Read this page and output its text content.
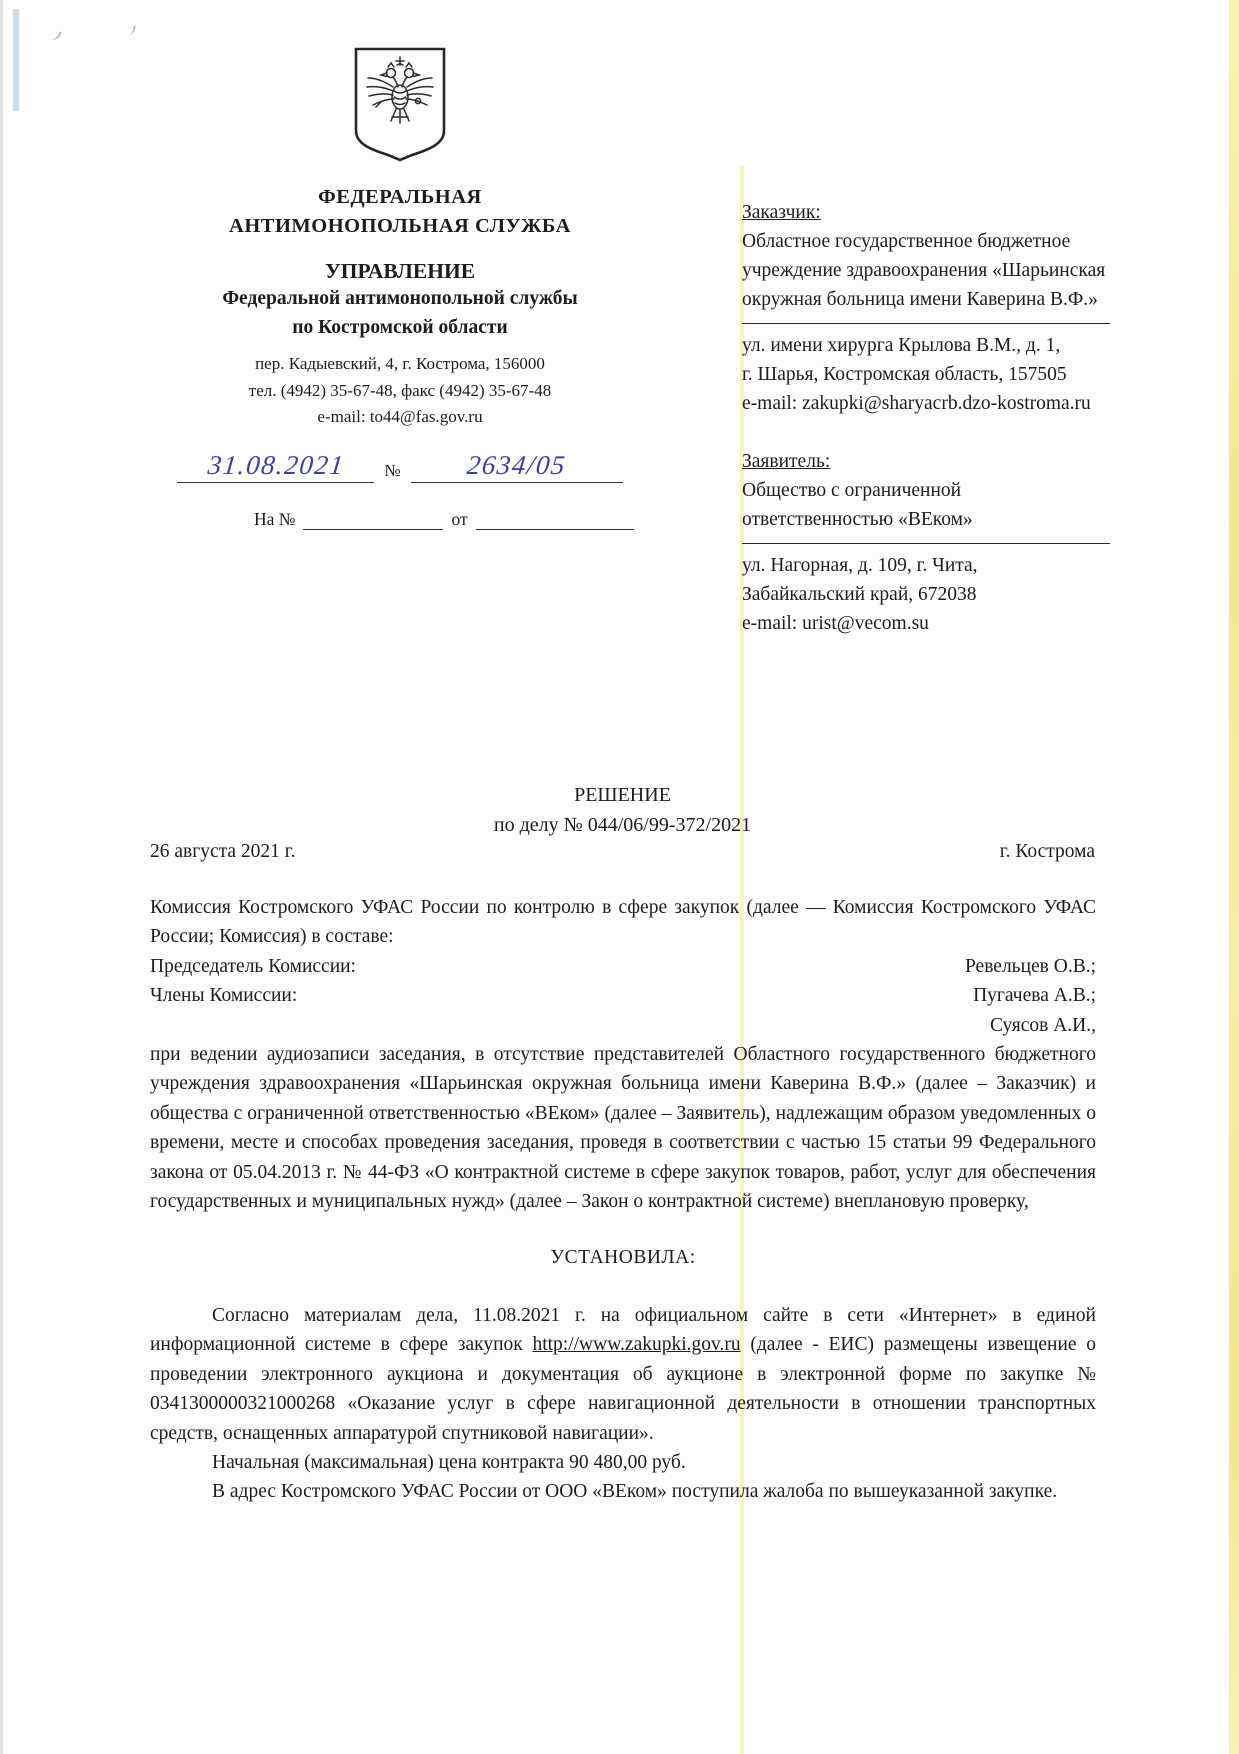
ФЕДЕРАЛЬНАЯ
АНТИМОНОПОЛЬНАЯ СЛУЖБА
УПРАВЛЕНИЕ
Федеральной антимонопольной службы
по Костромской области
пер. Кадыевский, 4, г. Кострома, 156000
тел. (4942) 35-67-48, факс (4942) 35-67-48
e-mail: to44@fas.gov.ru
31.08.2021	№	2634/05
На №	от
Заказчик:
Областное государственное бюджетное учреждение здравоохранения «Шарьинская окружная больница имени Каверина В.Ф.»
ул. имени хирурга Крылова В.М., д. 1,
г. Шарья, Костромская область, 157505
e-mail: zakupki@sharyacrb.dzo-kostroma.ru
Заявитель:
Общество с ограниченной ответственностью «ВЕком»
ул. Нагорная, д. 109, г. Чита,
Забайкальский край, 672038
e-mail: urist@vecom.su
РЕШЕНИЕ
по делу № 044/06/99-372/2021
26 августа 2021 г.	г. Кострома

Комиссия Костромского УФАС России по контролю в сфере закупок (далее — Комиссия Костромского УФАС России; Комиссия) в составе:

Председатель Комиссии:	Ревельцев О.В.;
Члены Комиссии:	Пугачева А.В.;
Суясов А.И.,

при ведении аудиозаписи заседания, в отсутствие представителей Областного государственного бюджетного учреждения здравоохранения «Шарьинская окружная больница имени Каверина В.Ф.» (далее – Заказчик) и общества с ограниченной ответственностью «ВЕком» (далее – Заявитель), надлежащим образом уведомленных о времени, месте и способах проведения заседания, проведя в соответствии с частью 15 статьи 99 Федерального закона от 05.04.2013 г. № 44-ФЗ «О контрактной системе в сфере закупок товаров, работ, услуг для обеспечения государственных и муниципальных нужд» (далее – Закон о контрактной системе) внеплановую проверку,

УСТАНОВИЛА:

Согласно материалам дела, 11.08.2021 г. на официальном сайте в сети «Интернет» в единой информационной системе в сфере закупок http://www.zakupki.gov.ru (далее - ЕИС) размещены извещение о проведении электронного аукциона и документация об аукционе в электронной форме по закупке № 0341300000321000268 «Оказание услуг в сфере навигационной деятельности в отношении транспортных средств, оснащенных аппаратурой спутниковой навигации».

Начальная (максимальная) цена контракта 90 480,00 руб.

В адрес Костромского УФАС России от ООО «ВЕком» поступила жалоба по вышеуказанной закупке.
